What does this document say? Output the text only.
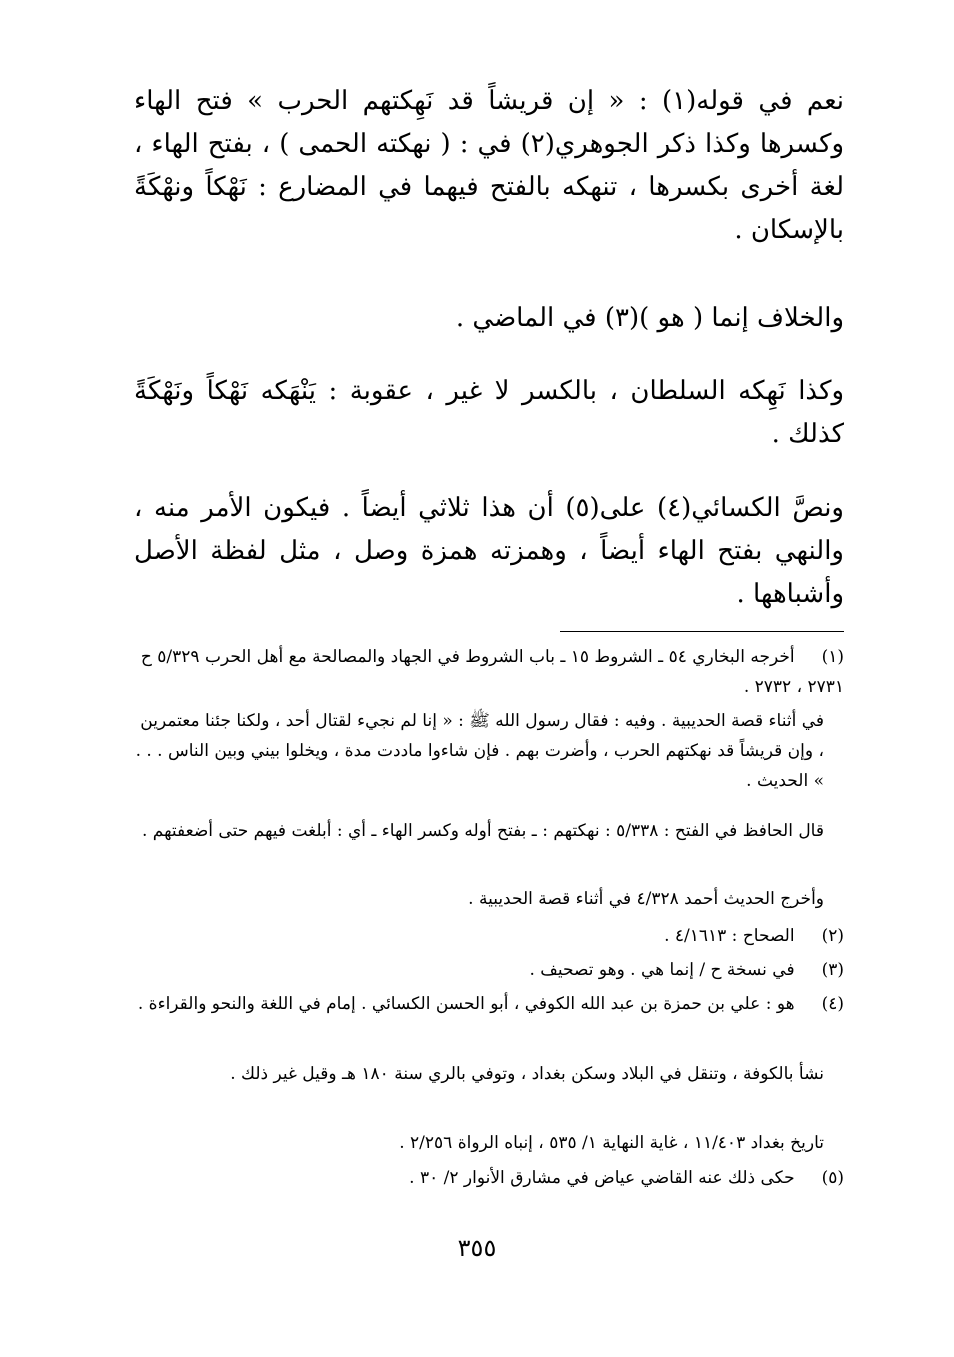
نعم في قوله(١) : « إن قريشاً قد نَهِكتهم الحرب » فتح الهاء وكسرها وكذا ذكر الجوهري(٢) في : ( نهكته الحمى ) ، بفتح الهاء ، لغة أخرى بكسرها ، تنهكه بالفتح فيهما في المضارع : نَهْكاً ونهْكَةً بالإسكان .
والخلاف إنما ( هو )(٣) في الماضي .
وكذا نَهِكه السلطان ، بالكسر لا غير ، عقوبة : يَنْهَكه نَهْكاً ونَهْكَةً كذلك .
ونصَّ الكسائي(٤) على(٥) أن هذا ثلاثي أيضاً . فيكون الأمر منه ، والنهي بفتح الهاء أيضاً ، وهمزته همزة وصل ، مثل لفظة الأصل وأشباهها .
(١) أخرجه البخاري ٥٤ ـ الشروط ١٥ ـ باب الشروط في الجهاد والمصالحة مع أهل الحرب ٥/٣٢٩ ح ٢٧٣١ ، ٢٧٣٢ .
في أثناء قصة الحديبية . وفيه : فقال رسول الله ﷺ : « إنا لم نجيء لقتال أحد ، ولكنا جئنا معتمرين ، وإن قريشاً قد نهكتهم الحرب ، وأضرت بهم . فإن شاءوا ماددت مدة ، ويخلوا بيني وبين الناس . . . » الحديث .
قال الحافظ في الفتح : ٥/٣٣٨ : نهكتهم : ـ بفتح أوله وكسر الهاء ـ أي : أبلغت فيهم حتى أضعفتهم .
وأخرج الحديث أحمد ٤/٣٢٨ في أثناء قصة الحديبية .
(٢) الصحاح : ٤/١٦١٣ .
(٣) في نسخة ح / إنما هي . وهو تصحيف .
(٤) هو : علي بن حمزة بن عبد الله الكوفي ، أبو الحسن الكسائي . إمام في اللغة والنحو والقراءة .
نشأ بالكوفة ، وتنقل في البلاد وسكن بغداد ، وتوفي بالري سنة ١٨٠ هـ وقيل غير ذلك .
تاريخ بغداد ١١/٤٠٣ ، غاية النهاية ١/ ٥٣٥ ، إنباه الرواة ٢/٢٥٦ .
(٥) حكى ذلك عنه القاضي عياض في مشارق الأنوار ٢/ ٣٠ .
٣٥٥
